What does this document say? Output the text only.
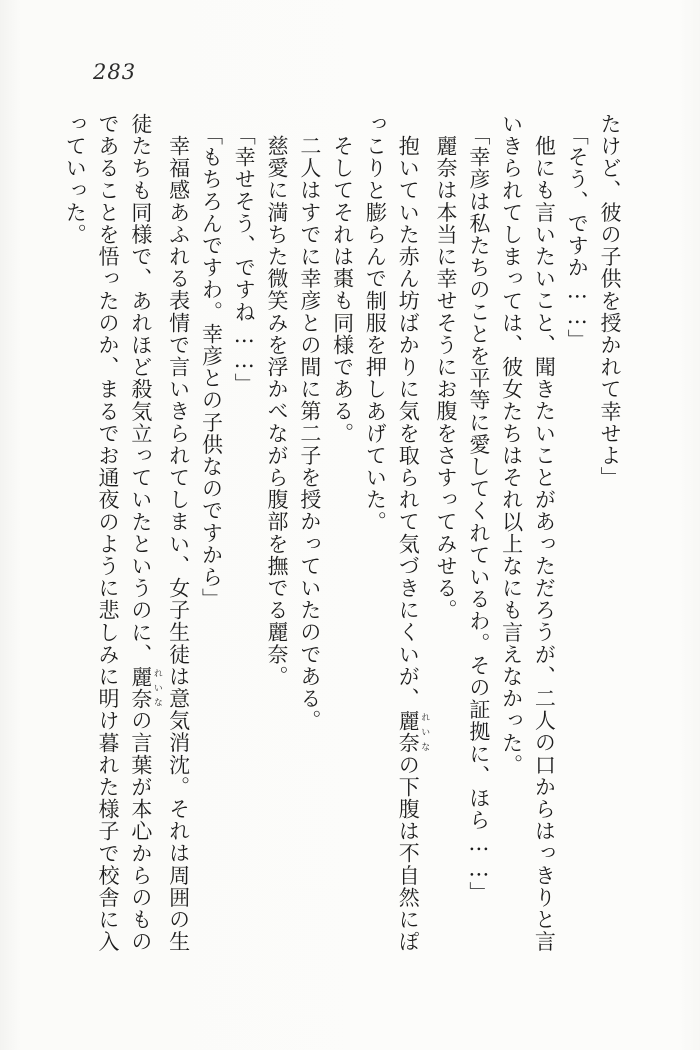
283

たけど、彼の子供を授かれて幸せよ」

「そう、ですか……」

他にも言いたいこと、聞きたいことがあっただろうが、二人の口からはっきりと言

いきられてしまっては、彼女たちはそれ以上なにも言えなかった。

「幸彦は私たちのことを平等に愛してくれているわ。その証拠に、ほら……」

麗奈は本当に幸せそうにお腹をさすってみせる。

抱いていた赤ん坊ばかりに気を取られて気づきにくいが、麗奈 れいなの下腹は不自然にぽ

っこりと膨らんで制服を押しあげていた。

そしてそれは棗も同様である。

二人はすでに幸彦との間に第二子を授かっていたのである。

慈愛に満ちた微笑みを浮かべながら腹部を撫でる麗奈。

「幸せそう、ですね……」

「もちろんですわ。幸彦との子供なのですから」

幸福感あふれる表情で言いきられてしまい、女子生徒は意気消沈。それは周囲の生

徒たちも同様で、あれほど殺気立っていたというのに、麗奈 れいなの言葉が本心からのもの

であることを悟ったのか、まるでお通夜のように悲しみに明け暮れた様子で校舎に入

っていった。
